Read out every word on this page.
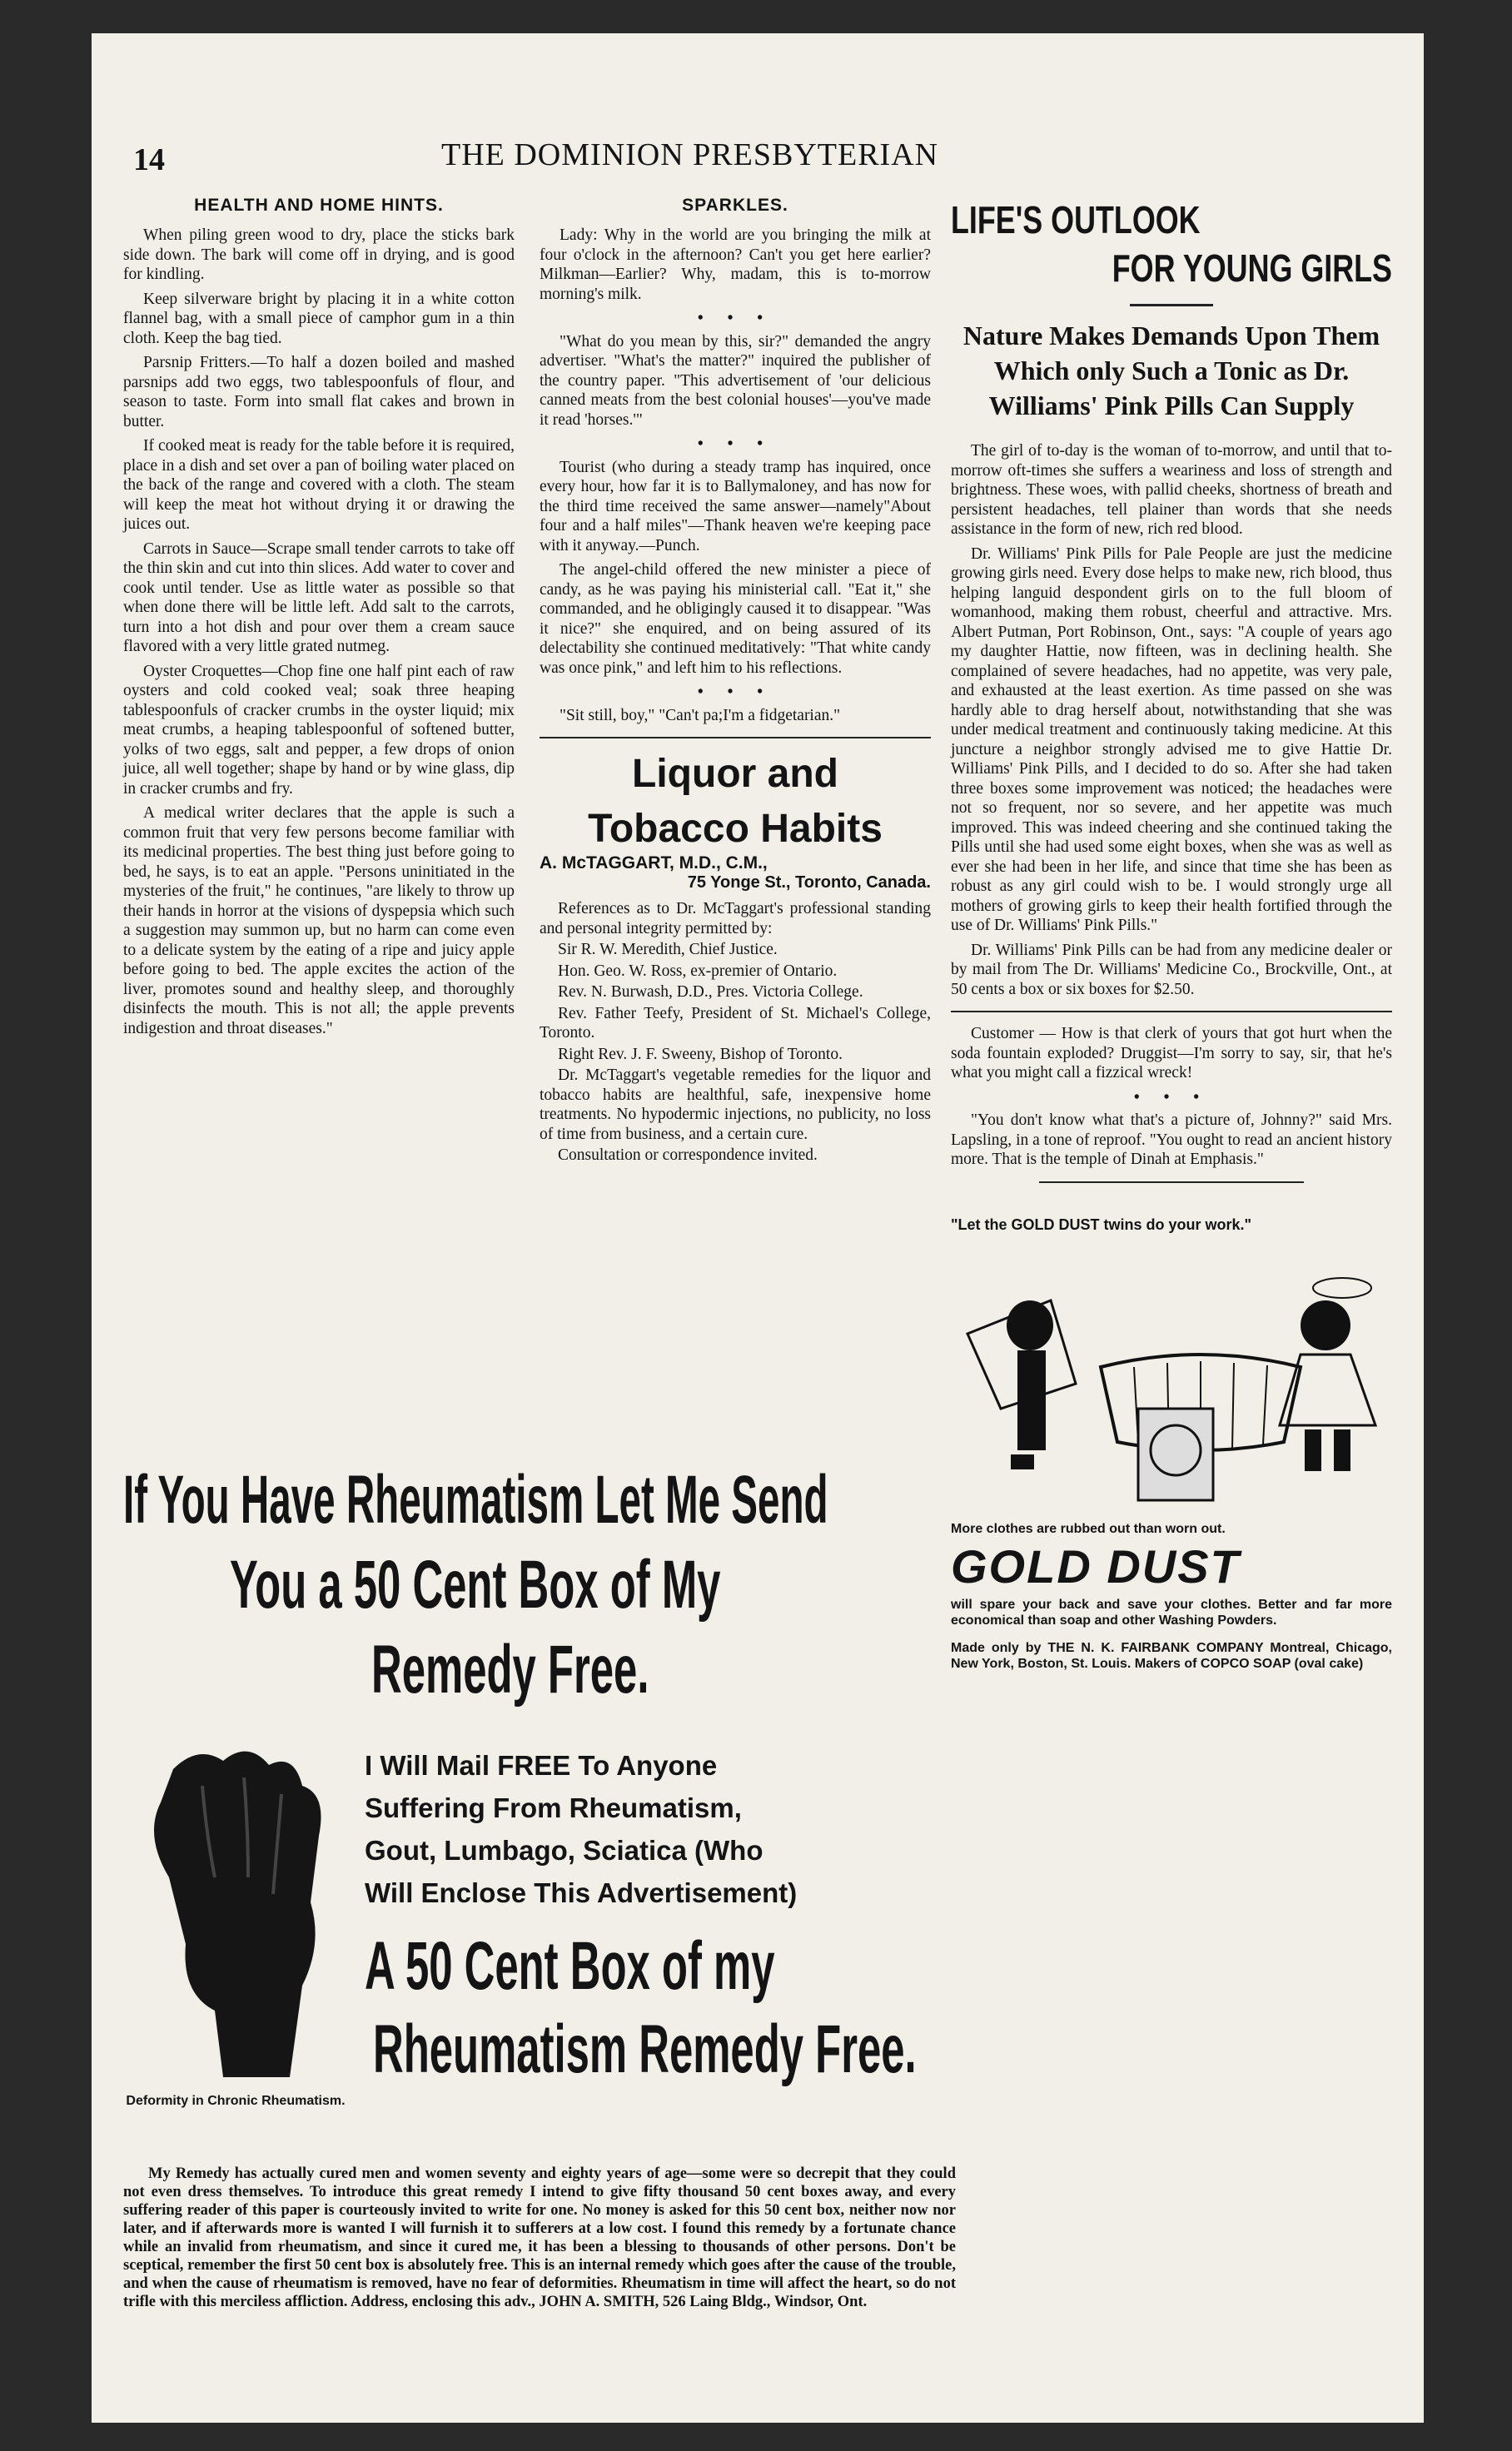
14	THE DOMINION PRESBYTERIAN
HEALTH AND HOME HINTS.

When piling green wood to dry, place the sticks bark side down. The bark will come off in drying, and is good for kindling.

Keep silverware bright by placing it in a white cotton flannel bag, with a small piece of camphor gum in a thin cloth. Keep the bag tied.

Parsnip Fritters.—To half a dozen boiled and mashed parsnips add two eggs, two tablespoonfuls of flour, and season to taste. Form into small flat cakes and brown in butter.

If cooked meat is ready for the table before it is required, place in a dish and set over a pan of boiling water placed on the back of the range and covered with a cloth. The steam will keep the meat hot without drying it or drawing the juices out.

Carrots in Sauce—Scrape small tender carrots to take off the thin skin and cut into thin slices. Add water to cover and cook until tender. Use as little water as possible so that when done there will be little left. Add salt to the carrots, turn into a hot dish and pour over them a cream sauce flavored with a very little grated nutmeg.

Oyster Croquettes—Chop fine one half pint each of raw oysters and cold cooked veal; soak three heaping tablespoonfuls of cracker crumbs in the oyster liquid; mix meat crumbs, a heaping tablespoonful of softened butter, yolks of two eggs, salt and pepper, a few drops of onion juice, all well together; shape by hand or by wine glass, dip in cracker crumbs and fry.

A medical writer declares that the apple is such a common fruit that very few persons become familiar with its medicinal properties. The best thing just before going to bed, he says, is to eat an apple. "Persons uninitiated in the mysteries of the fruit," he continues, "are likely to throw up their hands in horror at the visions of dyspepsia which such a suggestion may summon up, but no harm can come even to a delicate system by the eating of a ripe and juicy apple before going to bed. The apple excites the action of the liver, promotes sound and healthy sleep, and thoroughly disinfects the mouth. This is not all; the apple prevents indigestion and throat diseases."

SPARKLES.

Lady: Why in the world are you bringing the milk at four o'clock in the afternoon? Can't you get here earlier? Milkman—Earlier? Why, madam, this is to-morrow morning's milk.

• • •

"What do you mean by this, sir?" demanded the angry advertiser. "What's the matter?" inquired the publisher of the country paper. "This advertisement of 'our delicious canned meats from the best colonial houses'—you've made it read 'horses.'"

• • •

Tourist (who during a steady tramp has inquired, once every hour, how far it is to Ballymaloney, and has now for the third time received the same answer—namely"About four and a half miles"—Thank heaven we're keeping pace with it anyway.—Punch.

The angel-child offered the new minister a piece of candy, as he was paying his ministerial call. "Eat it," she commanded, and he obligingly caused it to disappear. "Was it nice?" she enquired, and on being assured of its delectability she continued meditatively: "That white candy was once pink," and left him to his reflections.

• • •

"Sit still, boy," "Can't pa;I'm a fidgetarian."

Liquor and
Tobacco Habits
A. McTAGGART, M.D., C.M.,
75 Yonge St., Toronto, Canada.

References as to Dr. McTaggart's professional standing and personal integrity permitted by:

Sir R. W. Meredith, Chief Justice.

Hon. Geo. W. Ross, ex-premier of Ontario.

Rev. N. Burwash, D.D., Pres. Victoria College.

Rev. Father Teefy, President of St. Michael's College, Toronto.

Right Rev. J. F. Sweeny, Bishop of Toronto.

Dr. McTaggart's vegetable remedies for the liquor and tobacco habits are healthful, safe, inexpensive home treatments. No hypodermic injections, no publicity, no loss of time from business, and a certain cure.

Consultation or correspondence invited.

LIFE'S OUTLOOK
FOR YOUNG GIRLS
Nature Makes Demands Upon Them Which only Such a Tonic as Dr. Williams' Pink Pills Can Supply

The girl of to-day is the woman of to-morrow, and until that to-morrow oft-times she suffers a weariness and loss of strength and brightness. These woes, with pallid cheeks, shortness of breath and persistent headaches, tell plainer than words that she needs assistance in the form of new, rich red blood.

Dr. Williams' Pink Pills for Pale People are just the medicine growing girls need. Every dose helps to make new, rich blood, thus helping languid despondent girls on to the full bloom of womanhood, making them robust, cheerful and attractive. Mrs. Albert Putman, Port Robinson, Ont., says: "A couple of years ago my daughter Hattie, now fifteen, was in declining health. She complained of severe headaches, had no appetite, was very pale, and exhausted at the least exertion. As time passed on she was hardly able to drag herself about, notwithstanding that she was under medical treatment and continuously taking medicine. At this juncture a neighbor strongly advised me to give Hattie Dr. Williams' Pink Pills, and I decided to do so. After she had taken three boxes some improvement was noticed; the headaches were not so frequent, nor so severe, and her appetite was much improved. This was indeed cheering and she continued taking the Pills until she had used some eight boxes, when she was as well as ever she had been in her life, and since that time she has been as robust as any girl could wish to be. I would strongly urge all mothers of growing girls to keep their health fortified through the use of Dr. Williams' Pink Pills."

Dr. Williams' Pink Pills can be had from any medicine dealer or by mail from The Dr. Williams' Medicine Co., Brockville, Ont., at 50 cents a box or six boxes for $2.50.

Customer — How is that clerk of yours that got hurt when the soda fountain exploded? Druggist—I'm sorry to say, sir, that he's what you might call a fizzical wreck!

• • •

"You don't know what that's a picture of, Johnny?" said Mrs. Lapsling, in a tone of reproof. "You ought to read an ancient history more. That is the temple of Dinah at Emphasis."

"Let the GOLD DUST twins do your work."
More clothes are rubbed out than worn out.
GOLD DUST
will spare your back and save your clothes. Better and far more economical than soap and other Washing Powders.
Made only by THE N. K. FAIRBANK COMPANY Montreal, Chicago, New York, Boston, St. Louis. Makers of COPCO SOAP (oval cake)
If You Have Rheumatism Let Me Send
You a 50 Cent Box of My
Remedy Free.
I Will Mail FREE To Anyone Suffering From Rheumatism, Gout, Lumbago, Sciatica (Who Will Enclose This Advertisement)
A 50 Cent Box of my
Rheumatism Remedy Free.
Deformity in Chronic Rheumatism.
My Remedy has actually cured men and women seventy and eighty years of age—some were so decrepit that they could not even dress themselves. To introduce this great remedy I intend to give fifty thousand 50 cent boxes away, and every suffering reader of this paper is courteously invited to write for one. No money is asked for this 50 cent box, neither now nor later, and if afterwards more is wanted I will furnish it to sufferers at a low cost. I found this remedy by a fortunate chance while an invalid from rheumatism, and since it cured me, it has been a blessing to thousands of other persons. Don't be sceptical, remember the first 50 cent box is absolutely free. This is an internal remedy which goes after the cause of the trouble, and when the cause of rheumatism is removed, have no fear of deformities. Rheumatism in time will affect the heart, so do not trifle with this merciless affliction. Address, enclosing this adv., JOHN A. SMITH, 526 Laing Bldg., Windsor, Ont.
